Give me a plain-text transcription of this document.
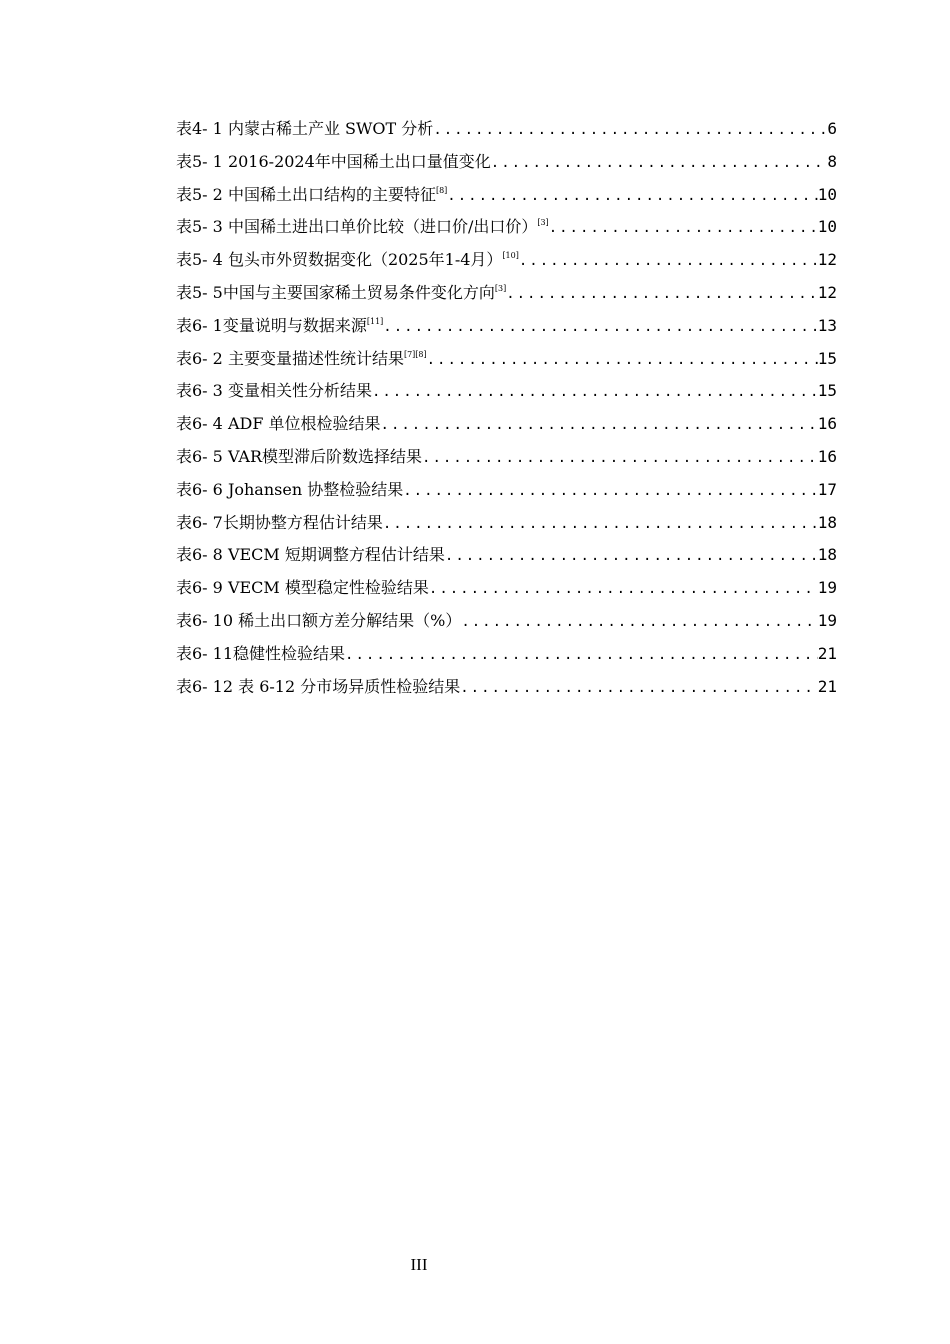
表4- 1 内蒙古稀土产业 SWOT 分析 .....	6
表5- 1 2016-2024年中国稀土出口量值变化 .....	8
表5- 2 中国稀土出口结构的主要特征[8] .....	10
表5- 3 中国稀土进出口单价比较（进口价/出口价）[3] .....	10
表5- 4 包头市外贸数据变化（2025年1-4月）[10] .....	12
表5- 5中国与主要国家稀土贸易条件变化方向[3] .....	12
表6- 1变量说明与数据来源[11] .....	13
表6- 2 主要变量描述性统计结果[7][8] .....	15
表6- 3 变量相关性分析结果 .....	15
表6- 4 ADF 单位根检验结果 .....	16
表6- 5 VAR模型滞后阶数选择结果 .....	16
表6- 6 Johansen 协整检验结果 .....	17
表6- 7长期协整方程估计结果 .....	18
表6- 8 VECM 短期调整方程估计结果 .....	18
表6- 9 VECM 模型稳定性检验结果 .....	19
表6- 10 稀土出口额方差分解结果（%） .....	19
表6- 11稳健性检验结果 .....	21
表6- 12 表 6-12 分市场异质性检验结果 .....	21
III
